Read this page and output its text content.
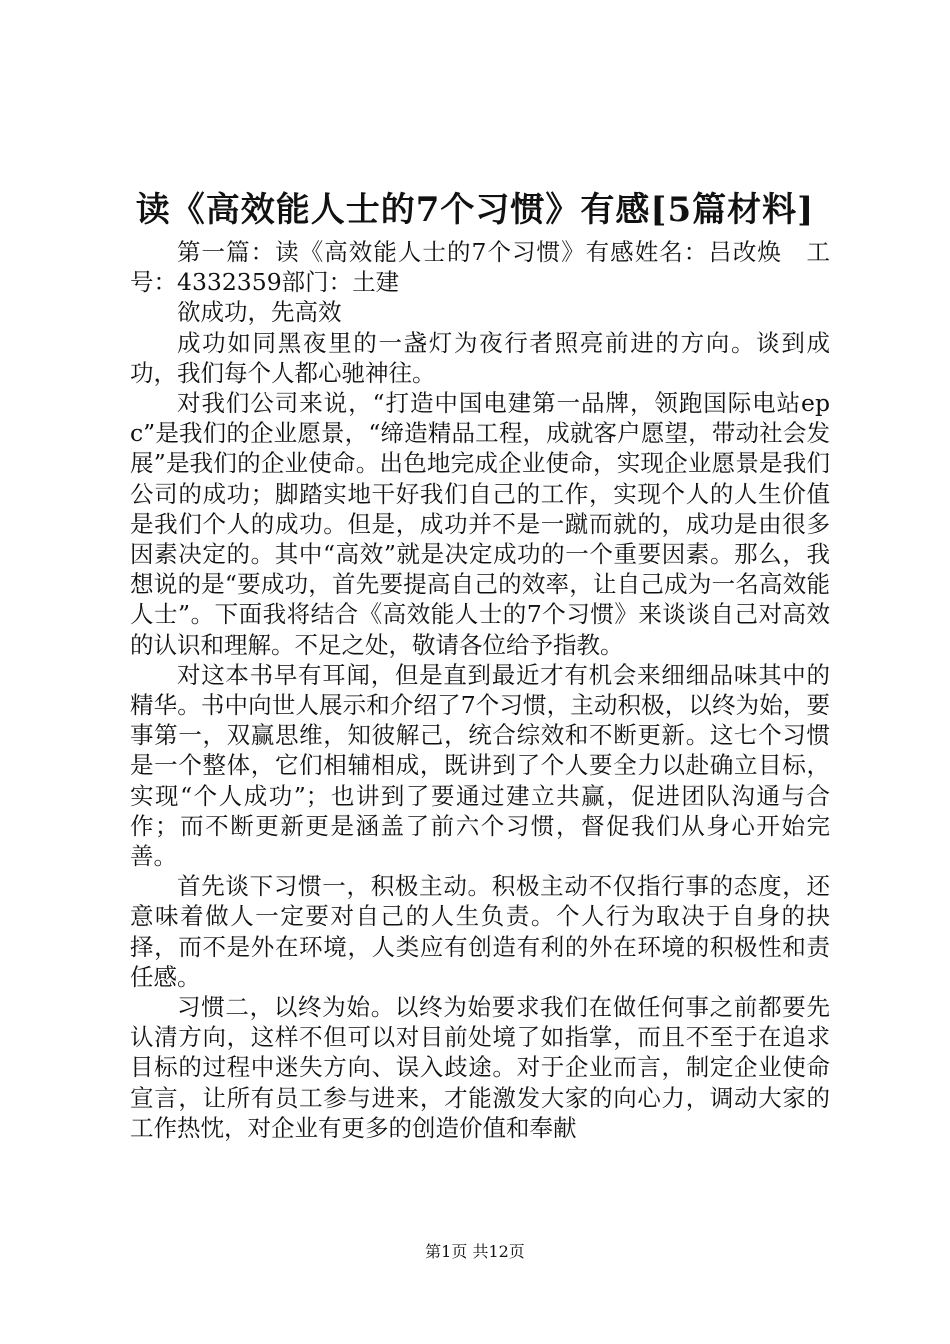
读《高效能人士的7个习惯》有感[5篇材料]

第一篇：读《高效能人士的7个习惯》有感姓名：吕改焕　工号：4332359部门：土建

欲成功，先高效

成功如同黑夜里的一盏灯为夜行者照亮前进的方向。谈到成功，我们每个人都心驰神往。

对我们公司来说，“打造中国电建第一品牌，领跑国际电站epc”是我们的企业愿景，“缔造精品工程，成就客户愿望，带动社会发展”是我们的企业使命。出色地完成企业使命，实现企业愿景是我们公司的成功；脚踏实地干好我们自己的工作，实现个人的人生价值是我们个人的成功。但是，成功并不是一蹴而就的，成功是由很多因素决定的。其中“高效”就是决定成功的一个重要因素。那么，我想说的是“要成功，首先要提高自己的效率，让自己成为一名高效能人士”。下面我将结合《高效能人士的7个习惯》来谈谈自己对高效的认识和理解。不足之处，敬请各位给予指教。

对这本书早有耳闻，但是直到最近才有机会来细细品味其中的精华。书中向世人展示和介绍了7个习惯，主动积极，以终为始，要事第一，双赢思维，知彼解己，统合综效和不断更新。这七个习惯是一个整体，它们相辅相成，既讲到了个人要全力以赴确立目标，实现“个人成功”；也讲到了要通过建立共赢，促进团队沟通与合作；而不断更新更是涵盖了前六个习惯，督促我们从身心开始完善。

首先谈下习惯一，积极主动。积极主动不仅指行事的态度，还意味着做人一定要对自己的人生负责。个人行为取决于自身的抉择，而不是外在环境，人类应有创造有利的外在环境的积极性和责任感。

习惯二，以终为始。以终为始要求我们在做任何事之前都要先认清方向，这样不但可以对目前处境了如指掌，而且不至于在追求目标的过程中迷失方向、误入歧途。对于企业而言，制定企业使命宣言，让所有员工参与进来，才能激发大家的向心力，调动大家的工作热忱，对企业有更多的创造价值和奉献

第1页 共12页
